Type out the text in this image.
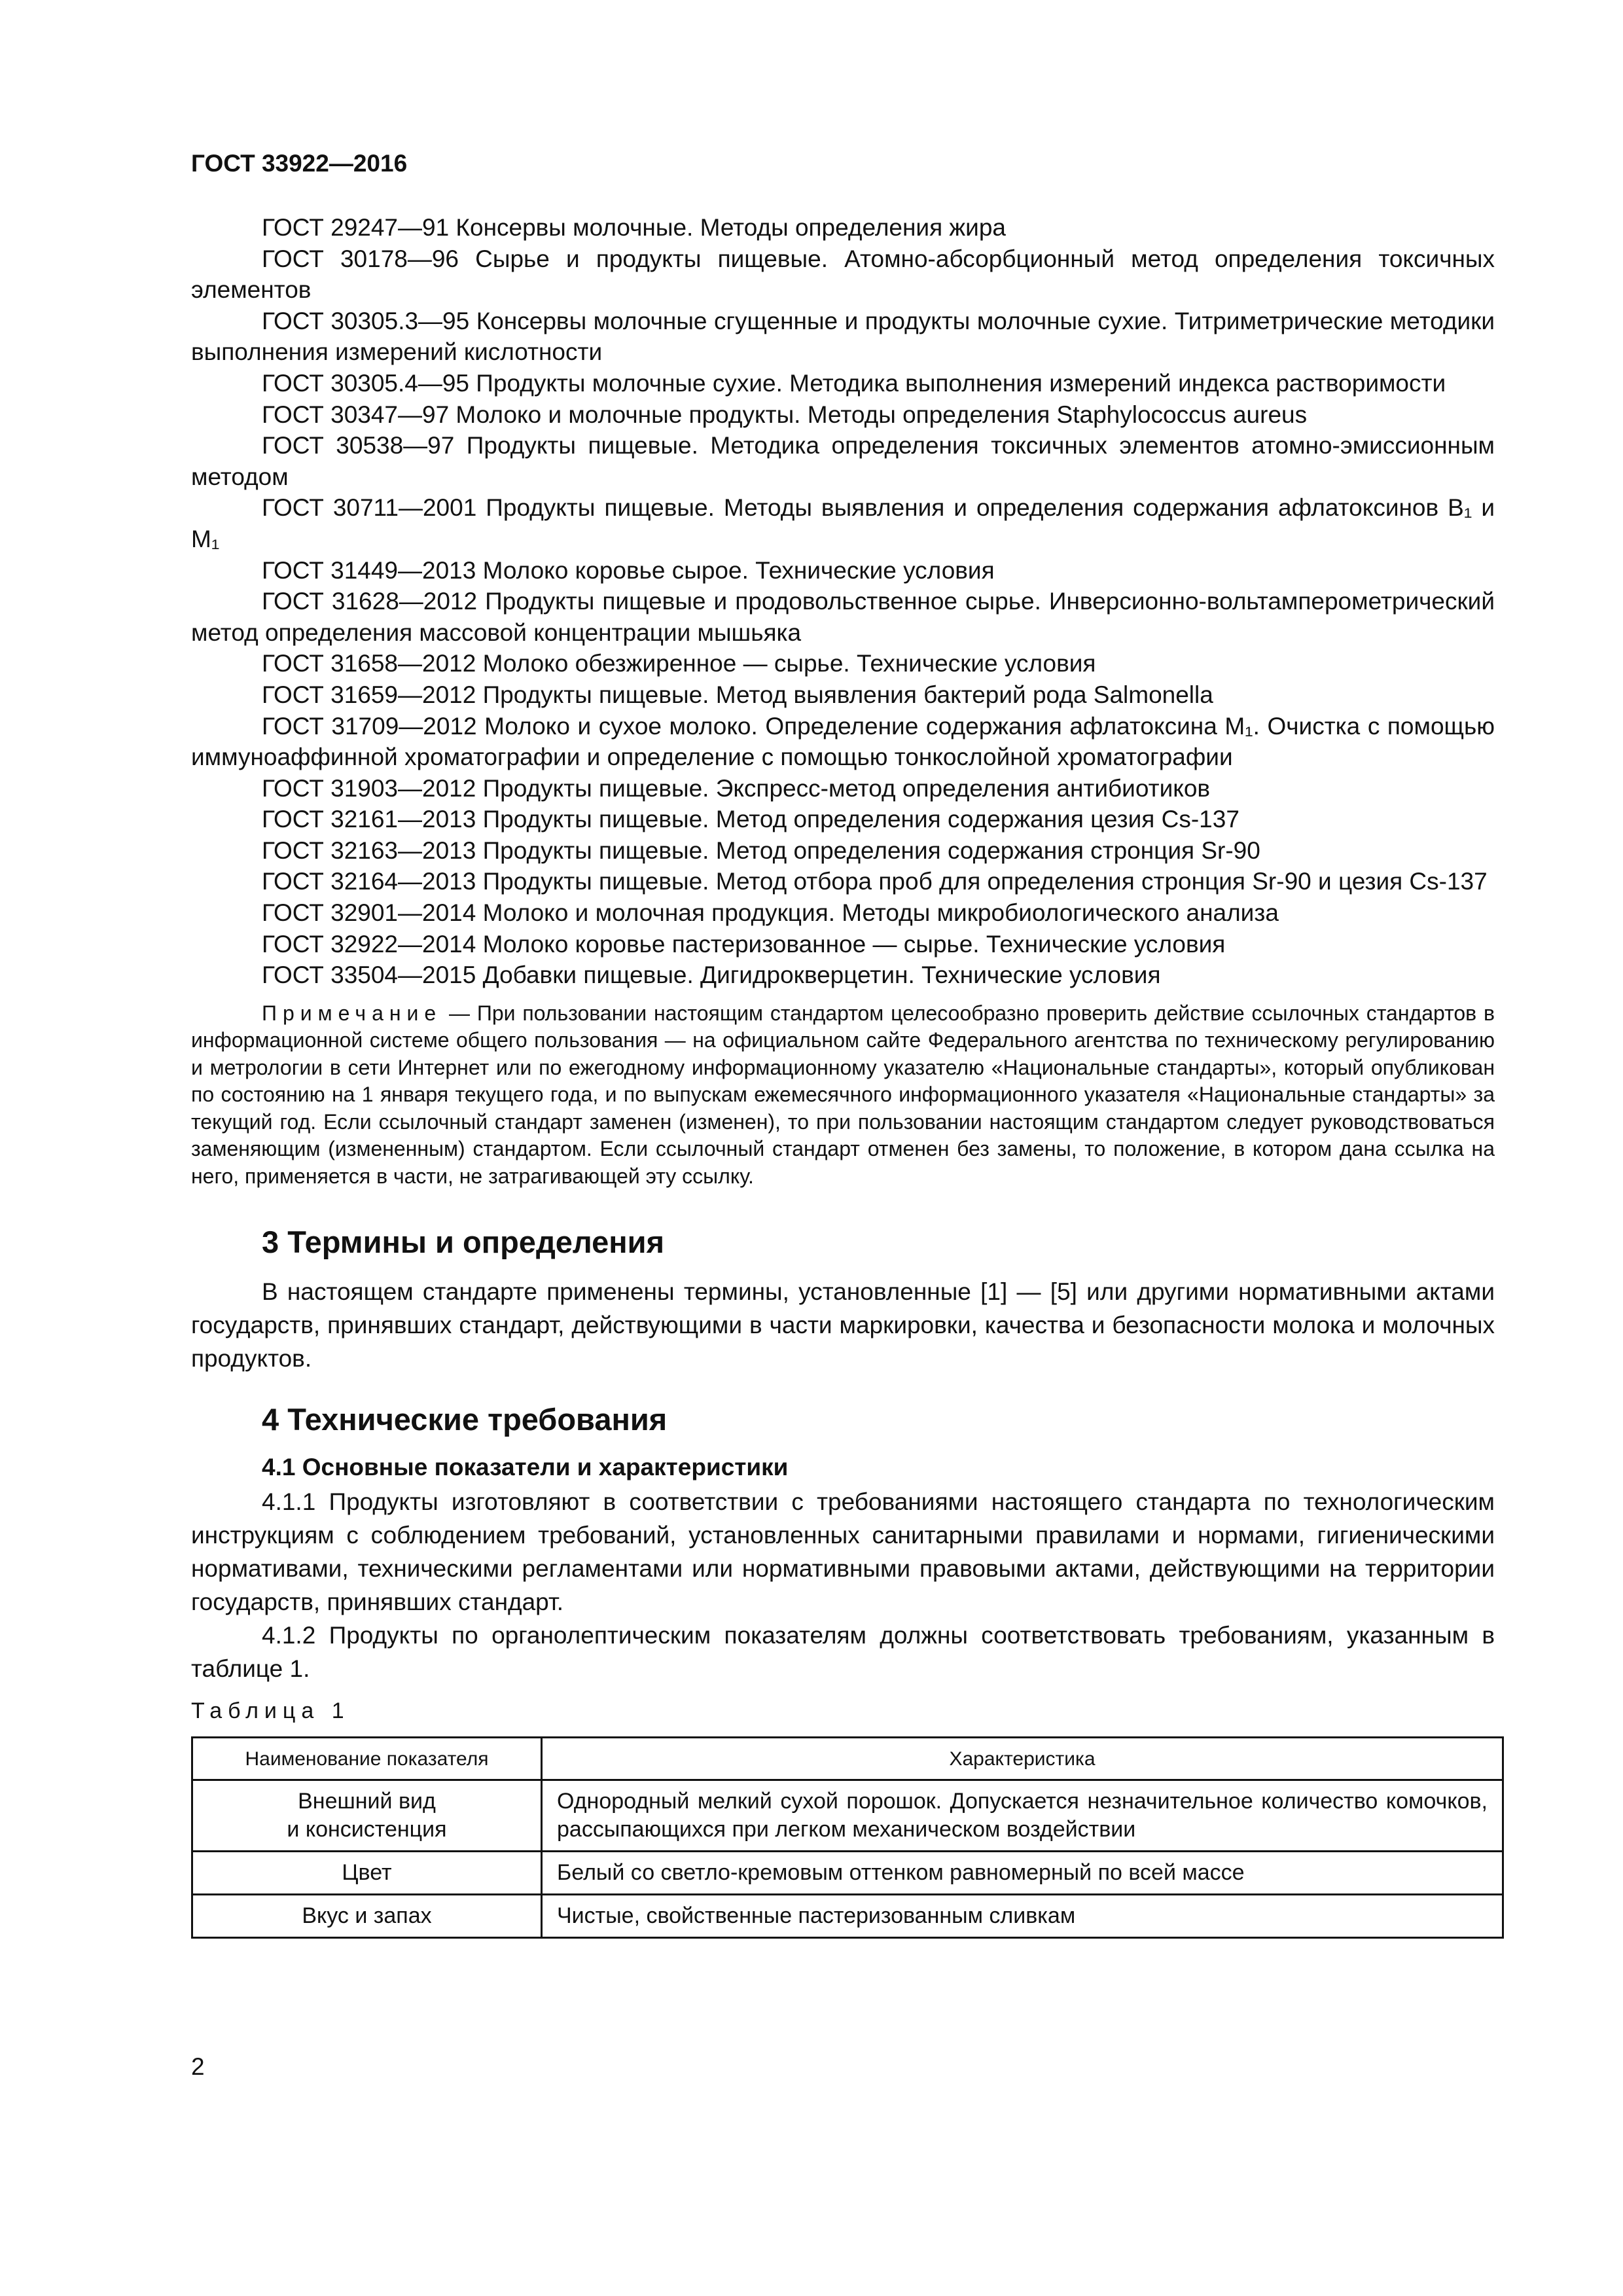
ГОСТ 33922—2016
ГОСТ 29247—91 Консервы молочные. Методы определения жира
ГОСТ 30178—96 Сырье и продукты пищевые. Атомно-абсорбционный метод определения токсичных элементов
ГОСТ 30305.3—95 Консервы молочные сгущенные и продукты молочные сухие. Титриметрические методики выполнения измерений кислотности
ГОСТ 30305.4—95 Продукты молочные сухие. Методика выполнения измерений индекса растворимости
ГОСТ 30347—97 Молоко и молочные продукты. Методы определения Staphylococcus aureus
ГОСТ 30538—97 Продукты пищевые. Методика определения токсичных элементов атомно-эмиссионным методом
ГОСТ 30711—2001 Продукты пищевые. Методы выявления и определения содержания афлатоксинов B₁ и M₁
ГОСТ 31449—2013 Молоко коровье сырое. Технические условия
ГОСТ 31628—2012 Продукты пищевые и продовольственное сырье. Инверсионно-вольтамперометрический метод определения массовой концентрации мышьяка
ГОСТ 31658—2012 Молоко обезжиренное — сырье. Технические условия
ГОСТ 31659—2012 Продукты пищевые. Метод выявления бактерий рода Salmonella
ГОСТ 31709—2012 Молоко и сухое молоко. Определение содержания афлатоксина M₁. Очистка с помощью иммуноаффинной хроматографии и определение с помощью тонкослойной хроматографии
ГОСТ 31903—2012 Продукты пищевые. Экспресс-метод определения антибиотиков
ГОСТ 32161—2013 Продукты пищевые. Метод определения содержания цезия Cs-137
ГОСТ 32163—2013 Продукты пищевые. Метод определения содержания стронция Sr-90
ГОСТ 32164—2013 Продукты пищевые. Метод отбора проб для определения стронция Sr-90 и цезия Cs-137
ГОСТ 32901—2014 Молоко и молочная продукция. Методы микробиологического анализа
ГОСТ 32922—2014 Молоко коровье пастеризованное — сырье. Технические условия
ГОСТ 33504—2015 Добавки пищевые. Дигидрокверцетин. Технические условия
Примечание — При пользовании настоящим стандартом целесообразно проверить действие ссылочных стандартов в информационной системе общего пользования — на официальном сайте Федерального агентства по техническому регулированию и метрологии в сети Интернет или по ежегодному информационному указателю «Национальные стандарты», который опубликован по состоянию на 1 января текущего года, и по выпускам ежемесячного информационного указателя «Национальные стандарты» за текущий год. Если ссылочный стандарт заменен (изменен), то при пользовании настоящим стандартом следует руководствоваться заменяющим (измененным) стандартом. Если ссылочный стандарт отменен без замены, то положение, в котором дана ссылка на него, применяется в части, не затрагивающей эту ссылку.
3 Термины и определения
В настоящем стандарте применены термины, установленные [1] — [5] или другими нормативными актами государств, принявших стандарт, действующими в части маркировки, качества и безопасности молока и молочных продуктов.
4 Технические требования
4.1 Основные показатели и характеристики
4.1.1 Продукты изготовляют в соответствии с требованиями настоящего стандарта по технологическим инструкциям с соблюдением требований, установленных санитарными правилами и нормами, гигиеническими нормативами, техническими регламентами или нормативными правовыми актами, действующими на территории государств, принявших стандарт.
4.1.2 Продукты по органолептическим показателям должны соответствовать требованиям, указанным в таблице 1.
Таблица 1
Наименование показателя	Характеристика
Внешний вид
и консистенция	Однородный мелкий сухой порошок. Допускается незначительное количество комочков, рассыпающихся при легком механическом воздействии
Цвет	Белый со светло-кремовым оттенком равномерный по всей массе
Вкус и запах	Чистые, свойственные пастеризованным сливкам
2
